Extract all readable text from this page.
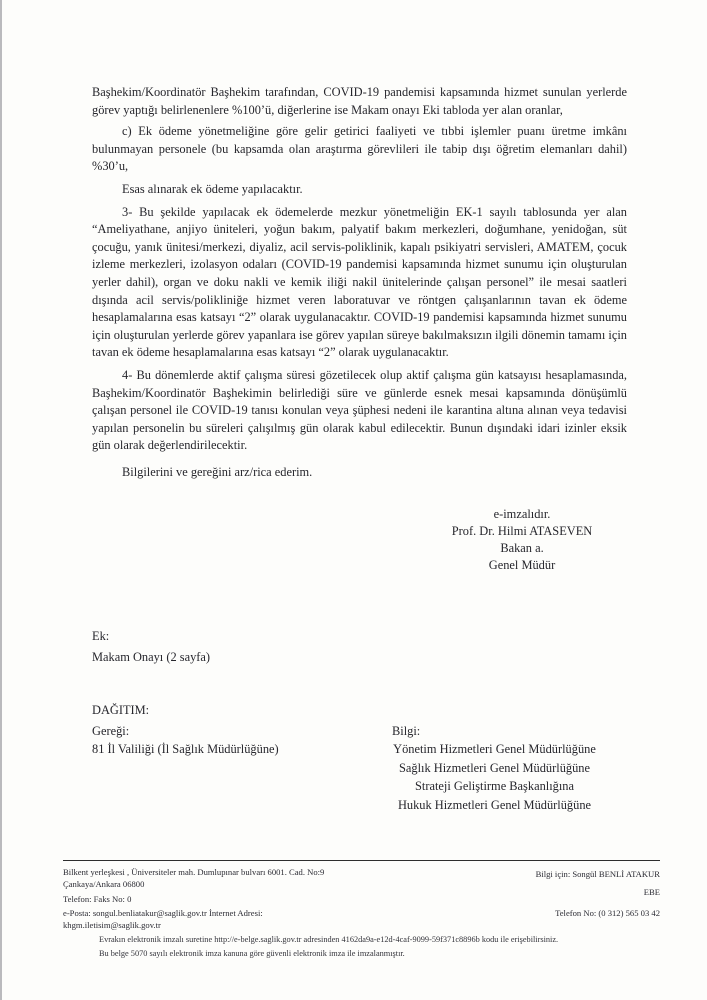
Başhekim/Koordinatör Başhekim tarafından, COVID-19 pandemisi kapsamında hizmet sunulan yerlerde görev yaptığı belirlenenlere %100’ü, diğerlerine ise Makam onayı Eki tabloda yer alan oranlar,

c) Ek ödeme yönetmeliğine göre gelir getirici faaliyeti ve tıbbi işlemler puanı üretme imkânı bulunmayan personele (bu kapsamda olan araştırma görevlileri ile tabip dışı öğretim elemanları dahil) %30’u,

Esas alınarak ek ödeme yapılacaktır.

3- Bu şekilde yapılacak ek ödemelerde mezkur yönetmeliğin EK-1 sayılı tablosunda yer alan “Ameliyathane, anjiyo üniteleri, yoğun bakım, palyatif bakım merkezleri, doğumhane, yenidoğan, süt çocuğu, yanık ünitesi/merkezi, diyaliz, acil servis-poliklinik, kapalı psikiyatri servisleri, AMATEM, çocuk izleme merkezleri, izolasyon odaları (COVID-19 pandemisi kapsamında hizmet sunumu için oluşturulan yerler dahil), organ ve doku nakli ve kemik iliği nakil ünitelerinde çalışan personel” ile mesai saatleri dışında acil servis/polikliniğe hizmet veren laboratuvar ve röntgen çalışanlarının tavan ek ödeme hesaplamalarına esas katsayı “2” olarak uygulanacaktır. COVID-19 pandemisi kapsamında hizmet sunumu için oluşturulan yerlerde görev yapanlara ise görev yapılan süreye bakılmaksızın ilgili dönemin tamamı için tavan ek ödeme hesaplamalarına esas katsayı “2” olarak uygulanacaktır.

4- Bu dönemlerde aktif çalışma süresi gözetilecek olup aktif çalışma gün katsayısı hesaplamasında, Başhekim/Koordinatör Başhekimin belirlediği süre ve günlerde esnek mesai kapsamında dönüşümlü çalışan personel ile COVID-19 tanısı konulan veya şüphesi nedeni ile karantina altına alınan veya tedavisi yapılan personelin bu süreleri çalışılmış gün olarak kabul edilecektir. Bunun dışındaki idari izinler eksik gün olarak değerlendirilecektir.

Bilgilerini ve gereğini arz/rica ederim.

e-imzalıdır.
Prof. Dr. Hilmi ATASEVEN
Bakan a.
Genel Müdür
Ek:
Makam Onayı (2 sayfa)
DAĞITIM:
Gereği:
81 İl Valiliği (İl Sağlık Müdürlüğüne)
Bilgi:
Yönetim Hizmetleri Genel Müdürlüğüne
Sağlık Hizmetleri Genel Müdürlüğüne
Strateji Geliştirme Başkanlığına
Hukuk Hizmetleri Genel Müdürlüğüne
Bilkent yerleşkesi , Üniversiteler mah. Dumlupınar bulvarı 6001. Cad. No:9
Çankaya/Ankara 06800
Telefon: Faks No: 0
e-Posta: songul.benliatakur@saglik.gov.tr İnternet Adresi:
khgm.iletisim@saglik.gov.tr
Bilgi için: Songül BENLİ ATAKUR
EBE
Telefon No: (0 312) 565 03 42
Evrakın elektronik imzalı suretine http://e-belge.saglik.gov.tr adresinden 4162da9a-e12d-4caf-9099-59f371c8896b kodu ile erişebilirsiniz.
Bu belge 5070 sayılı elektronik imza kanuna göre güvenli elektronik imza ile imzalanmıştır.
